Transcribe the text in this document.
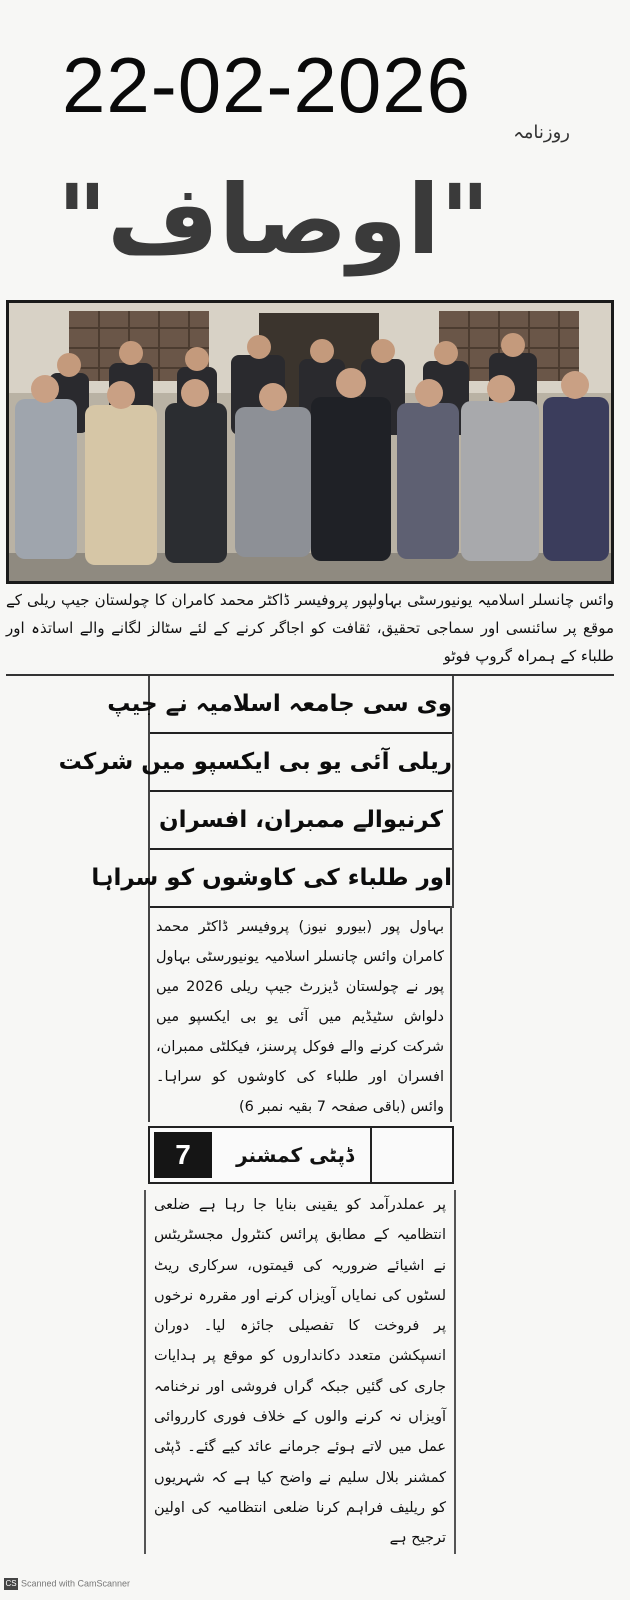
22-02-2026
روزنامہ
"اوصاف"
وائس چانسلر اسلامیہ یونیورسٹی بہاولپور پروفیسر ڈاکٹر محمد کامران کا چولستان جیپ ریلی کے موقع پر سائنسی اور سماجی تحقیق، ثقافت کو اجاگر کرنے کے لئے سٹالز لگانے والے اساتذہ اور طلباء کے ہمراہ گروپ فوٹو
وی سی جامعہ اسلامیہ نے جیپ
ریلی آئی یو بی ایکسپو میں شرکت
کرنیوالے ممبران، افسران
اور طلباء کی کاوشوں کو سراہا
بہاول پور (بیورو نیوز) پروفیسر ڈاکٹر محمد کامران وائس چانسلر اسلامیہ یونیورسٹی بہاول پور نے چولستان ڈیزرٹ جیپ ریلی 2026 میں دلواش سٹیڈیم میں آئی یو بی ایکسپو میں شرکت کرنے والے فوکل پرسنز، فیکلٹی ممبران، افسران اور طلباء کی کاوشوں کو سراہا۔ وائس (باقی صفحہ 7 بقیہ نمبر 6)
7	ڈپٹی کمشنر
پر عملدرآمد کو یقینی بنایا جا رہا ہے ضلعی انتظامیہ کے مطابق پرائس کنٹرول مجسٹریٹس نے اشیائے ضروریہ کی قیمتوں، سرکاری ریٹ لسٹوں کی نمایاں آویزاں کرنے اور مقررہ نرخوں پر فروخت کا تفصیلی جائزہ لیا۔ دوران انسپکشن متعدد دکانداروں کو موقع پر ہدایات جاری کی گئیں جبکہ گراں فروشی اور نرخنامہ آویزاں نہ کرنے والوں کے خلاف فوری کارروائی عمل میں لاتے ہوئے جرمانے عائد کیے گئے۔ ڈپٹی کمشنر بلال سلیم نے واضح کیا ہے کہ شہریوں کو ریلیف فراہم کرنا ضلعی انتظامیہ کی اولین ترجیح ہے
CS Scanned with CamScanner
